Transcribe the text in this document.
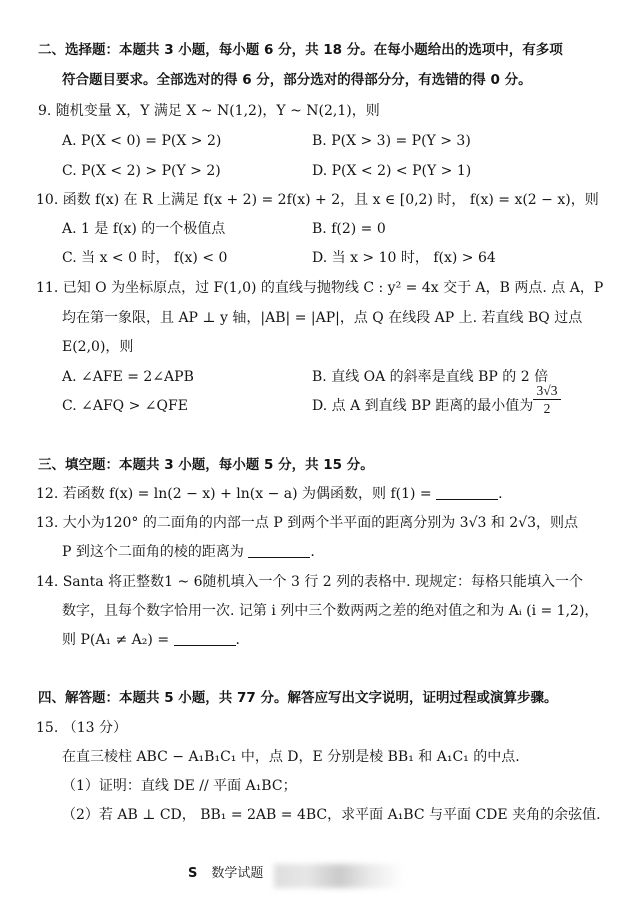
二、选择题：本题共 3 小题，每小题 6 分，共 18 分。在每小题给出的选项中，有多项
符合题目要求。全部选对的得 6 分，部分选对的得部分分，有选错的得 0 分。
9. 随机变量 X，Y 满足 X ~ N(1,2)，Y ~ N(2,1)，则
A. P(X < 0) = P(X > 2)	B. P(X > 3) = P(Y > 3)
C. P(X < 2) > P(Y > 2)	D. P(X < 2) < P(Y > 1)
10. 函数 f(x) 在 R 上满足 f(x + 2) = 2f(x) + 2，且 x ∈ [0,2) 时， f(x) = x(2 − x)，则
A. 1 是 f(x) 的一个极值点	B. f(2) = 0
C. 当 x < 0 时， f(x) < 0	D. 当 x > 10 时， f(x) > 64
11. 已知 O 为坐标原点，过 F(1,0) 的直线与抛物线 C : y² = 4x 交于 A，B 两点. 点 A，P
均在第一象限，且 AP ⊥ y 轴，|AB| = |AP|，点 Q 在线段 AP 上. 若直线 BQ 过点
E(2,0)，则
A. ∠AFE = 2∠APB	B. 直线 OA 的斜率是直线 BP 的 2 倍
C. ∠AFQ > ∠QFE	D. 点 A 到直线 BP 距离的最小值为 $\frac{3√3}{2}$
三、填空题：本题共 3 小题，每小题 5 分，共 15 分。
12. 若函数 f(x) = ln(2 − x) + ln(x − a) 为偶函数，则 f(1) =	.
13. 大小为120° 的二面角的内部一点 P 到两个半平面的距离分别为 3√3 和 2√3，则点
P 到这个二面角的棱的距离为	.
14. Santa 将正整数1 ~ 6随机填入一个 3 行 2 列的表格中. 现规定：每格只能填入一个
数字，且每个数字恰用一次. 记第 i 列中三个数两两之差的绝对值之和为 Aᵢ (i = 1,2)，
则 P(A₁ ≠ A₂) =	.
四、解答题：本题共 5 小题，共 77 分。解答应写出文字说明，证明过程或演算步骤。
15. （13 分）
在直三棱柱 ABC − A₁B₁C₁ 中，点 D，E 分别是棱 BB₁ 和 A₁C₁ 的中点.
（1）证明：直线 DE // 平面 A₁BC；
（2）若 AB ⊥ CD， BB₁ = 2AB = 4BC，求平面 A₁BC 与平面 CDE 夹角的余弦值.
S 数学试题
